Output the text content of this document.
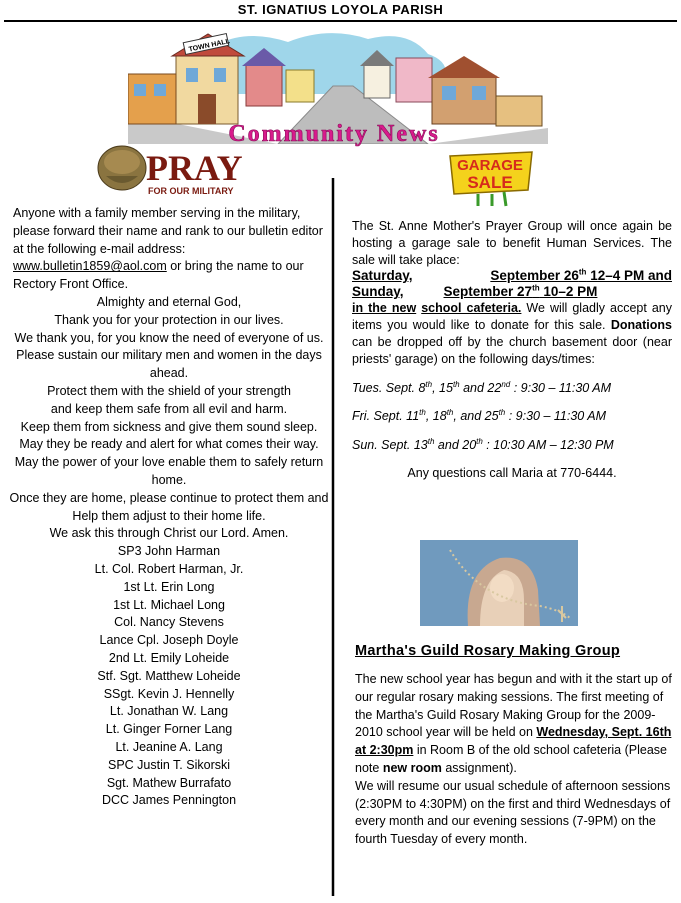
ST. IGNATIUS LOYOLA PARISH
TOWN HALL
Community News
PRAY
FOR OUR MILITARY
GARAGE
SALE

Anyone with a family member serving in the military, please forward their name and rank to our bulletin editor at the following e-mail address: www.bulletin1859@aol.com or bring the name to our Rectory Front Office.

Almighty and eternal God,

Thank you for your protection in our lives.

We thank you, for you know the need of everyone of us.

Please sustain our military men and women in the days ahead.

Protect them with the shield of your strength

and keep them safe from all evil and harm.

Keep them from sickness and give them sound sleep.

May they be ready and alert for what comes their way.

May the power of your love enable them to safely return home.

Once they are home, please continue to protect them and

Help them adjust to their home life.

We ask this through Christ our Lord. Amen.

SP3 John Harman

Lt. Col. Robert Harman, Jr.

1st Lt. Erin Long

1st Lt. Michael Long

Col. Nancy Stevens

Lance Cpl. Joseph Doyle

2nd Lt. Emily Loheide

Stf. Sgt. Matthew Loheide

SSgt. Kevin J. Hennelly

Lt. Jonathan W. Lang

Lt. Ginger Forner Lang

Lt. Jeanine A. Lang

SPC Justin T. Sikorski

Sgt. Mathew Burrafato

DCC James Pennington

The St. Anne Mother's Prayer Group will once again be hosting a garage sale to benefit Human Services. The sale will take place:

Saturday,	September 26th 12–4 PM and
Sunday,	September 27th 10–2 PM

in the new school cafeteria. We will gladly accept any items you would like to donate for this sale. Donations can be dropped off by the church basement door (near priests' garage) on the following days/times:

Tues. Sept. 8th, 15th and 22nd : 9:30 – 11:30 AM

Fri. Sept. 11th, 18th, and 25th : 9:30 – 11:30 AM

Sun. Sept. 13th and 20th : 10:30 AM – 12:30 PM

Any questions call Maria at 770-6444.

Martha's Guild Rosary Making Group

The new school year has begun and with it the start up of our regular rosary making sessions. The first meeting of the Martha's Guild Rosary Making Group for the 2009-2010 school year will be held on Wednesday, Sept. 16th at 2:30pm in Room B of the old school cafeteria (Please note new room assignment).

We will resume our usual schedule of afternoon sessions (2:30PM to 4:30PM) on the first and third Wednesdays of every month and our evening sessions (7-9PM) on the fourth Tuesday of every month.
